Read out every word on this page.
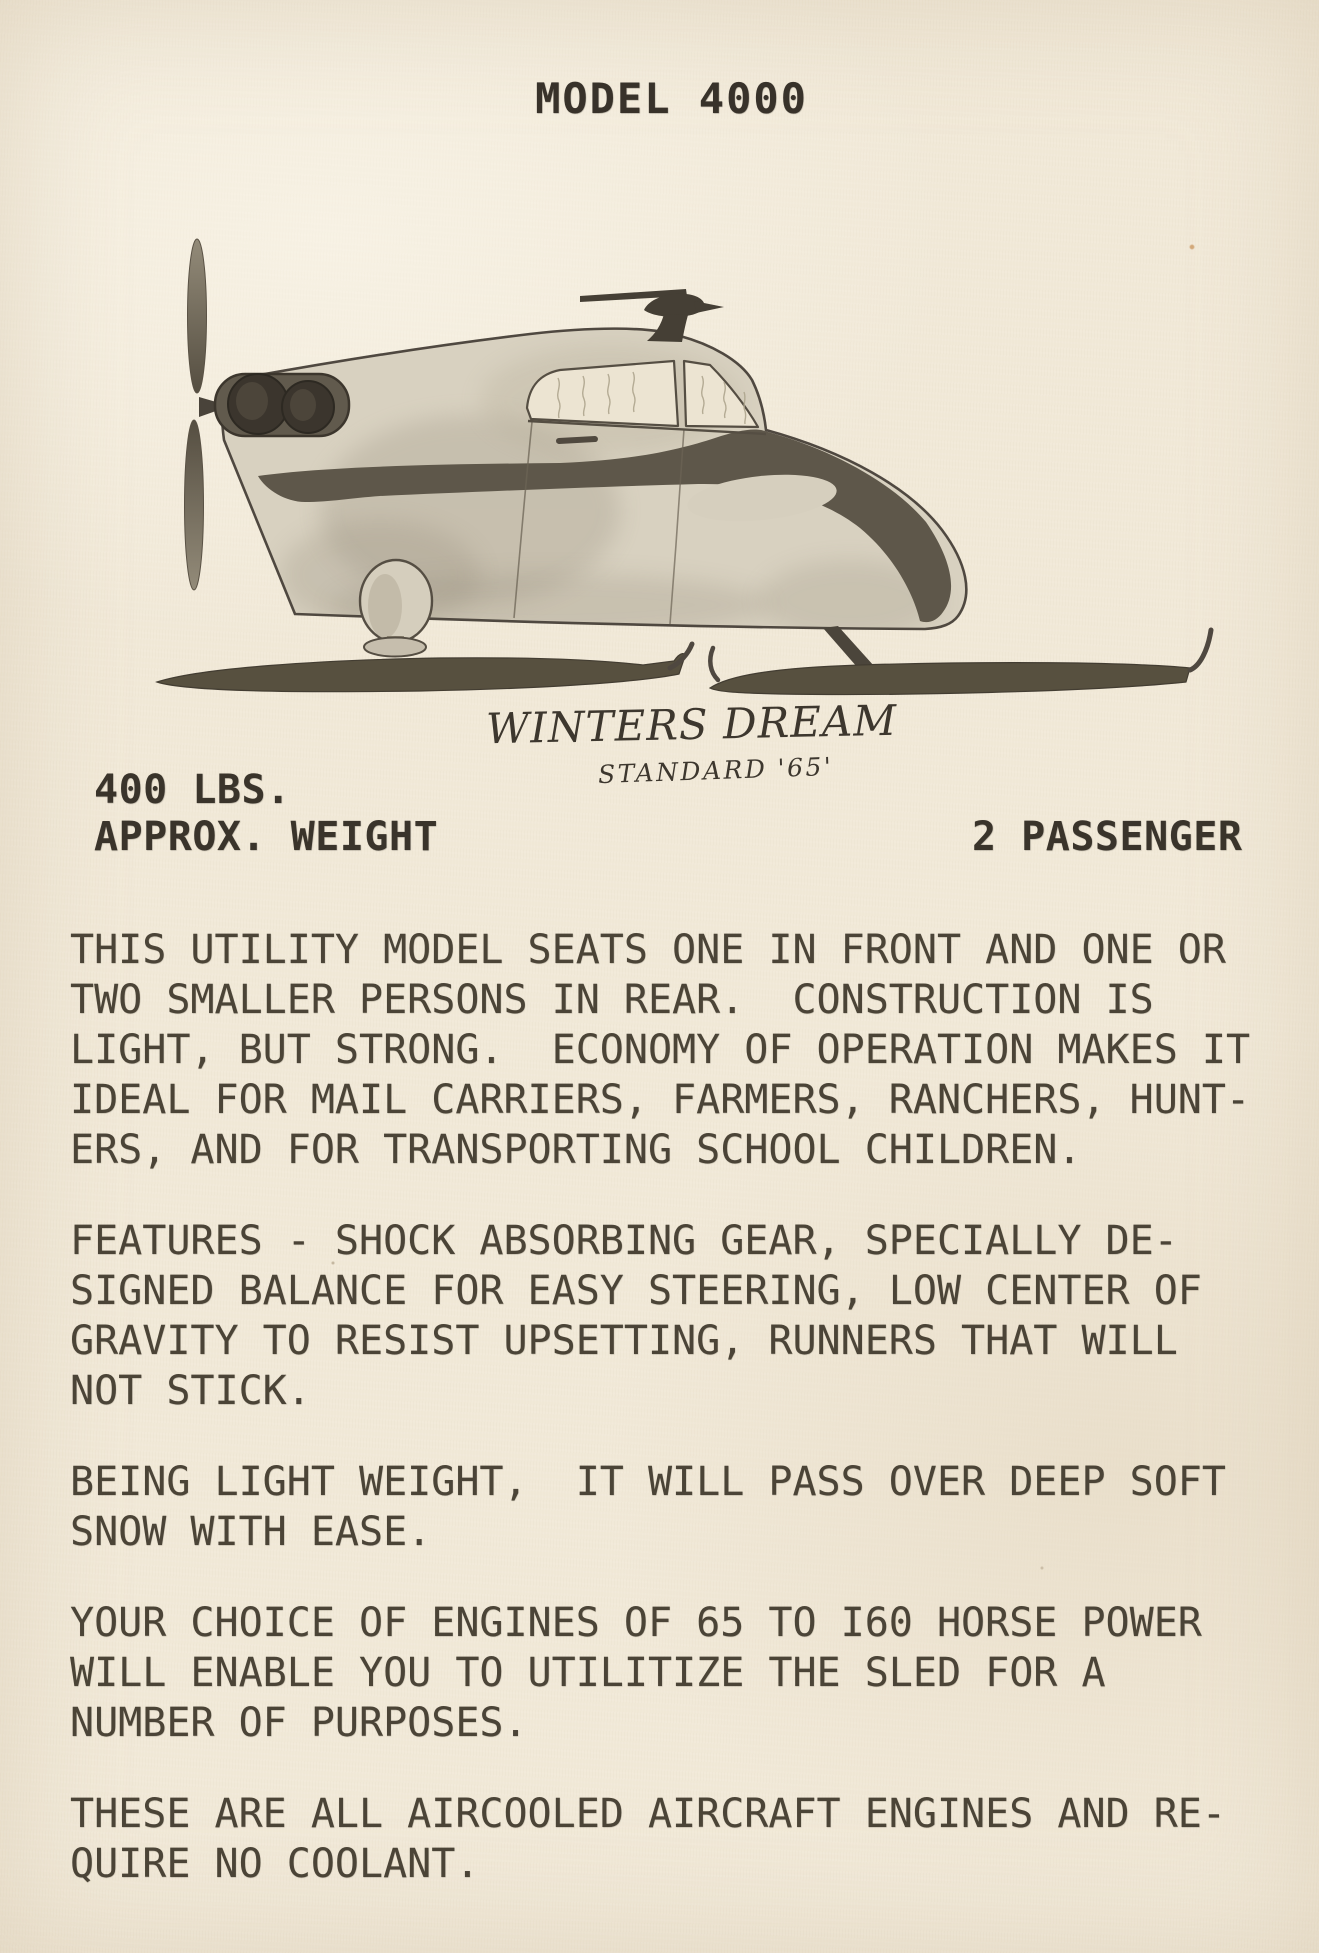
MODEL 4000
WINTERS DREAM
STANDARD '65'
400 LBS.
APPROX. WEIGHT	2 PASSENGER
THIS UTILITY MODEL SEATS ONE IN FRONT AND ONE OR
TWO SMALLER PERSONS IN REAR.  CONSTRUCTION IS
LIGHT, BUT STRONG.  ECONOMY OF OPERATION MAKES IT
IDEAL FOR MAIL CARRIERS, FARMERS, RANCHERS, HUNT-
ERS, AND FOR TRANSPORTING SCHOOL CHILDREN.
FEATURES - SHOCK ABSORBING GEAR, SPECIALLY DE-
SIGNED BALANCE FOR EASY STEERING, LOW CENTER OF
GRAVITY TO RESIST UPSETTING, RUNNERS THAT WILL
NOT STICK.
BEING LIGHT WEIGHT,  IT WILL PASS OVER DEEP SOFT
SNOW WITH EASE.
YOUR CHOICE OF ENGINES OF 65 TO I60 HORSE POWER
WILL ENABLE YOU TO UTILITIZE THE SLED FOR A
NUMBER OF PURPOSES.
THESE ARE ALL AIRCOOLED AIRCRAFT ENGINES AND RE-
QUIRE NO COOLANT.
